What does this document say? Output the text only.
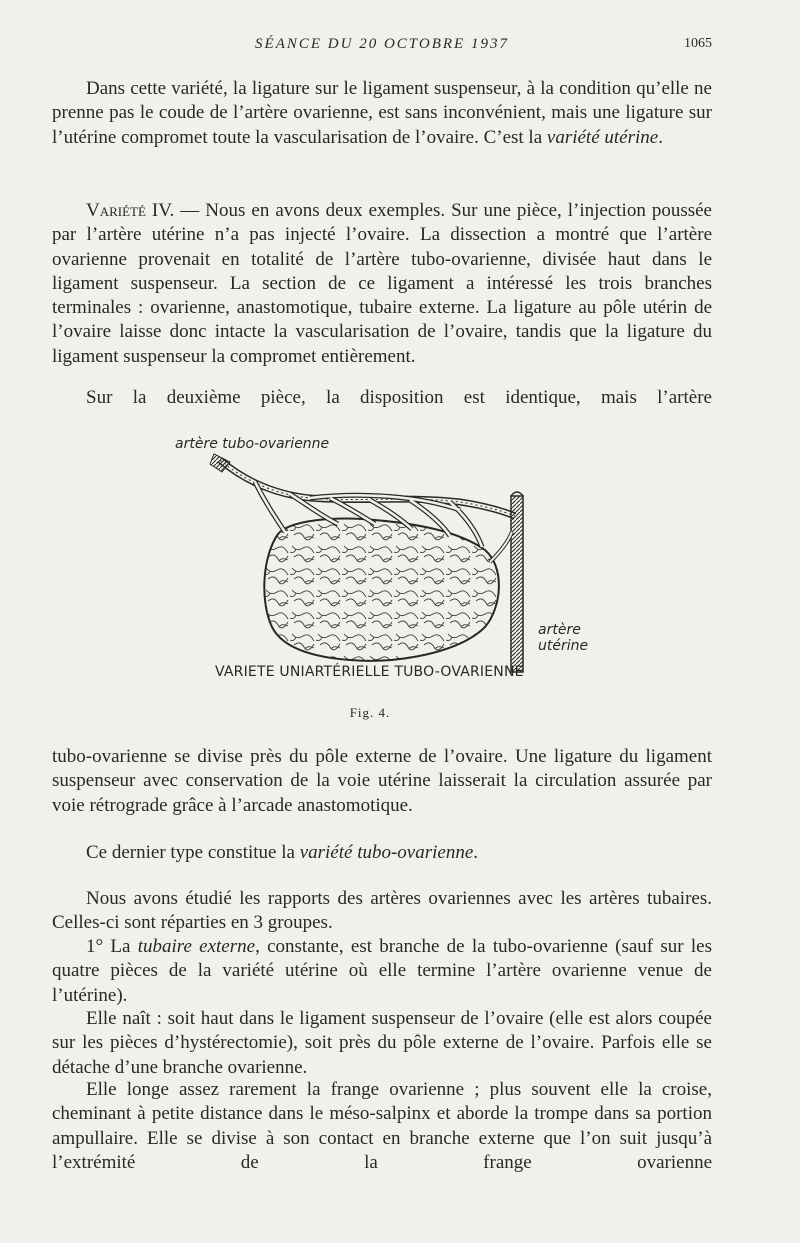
SÉANCE DU 20 OCTOBRE 1937	1065

Dans cette variété, la ligature sur le ligament suspenseur, à la condition qu’elle ne prenne pas le coude de l’artère ovarienne, est sans inconvénient, mais une ligature sur l’utérine compromet toute la vascularisation de l’ovaire. C’est la variété utérine.

Variété IV. — Nous en avons deux exemples. Sur une pièce, l’injection poussée par l’artère utérine n’a pas injecté l’ovaire. La dissection a montré que l’artère ovarienne provenait en totalité de l’artère tubo-ovarienne, divisée haut dans le ligament suspenseur. La section de ce ligament a intéressé les trois branches terminales : ovarienne, anastomotique, tubaire externe. La ligature au pôle utérin de l’ovaire laisse donc intacte la vascularisation de l’ovaire, tandis que la ligature du ligament suspenseur la compromet entièrement.

Sur la deuxième pièce, la disposition est identique, mais l’artère

artère tubo-ovarienne
artère
utérine
VARIETE UNIARTÉRIELLE TUBO-OVARIENNE
Fig. 4.

tubo-ovarienne se divise près du pôle externe de l’ovaire. Une ligature du ligament suspenseur avec conservation de la voie utérine laisserait la circulation assurée par voie rétrograde grâce à l’arcade anastomotique.

Ce dernier type constitue la variété tubo-ovarienne.

Nous avons étudié les rapports des artères ovariennes avec les artères tubaires. Celles-ci sont réparties en 3 groupes.

1° La tubaire externe, constante, est branche de la tubo-ovarienne (sauf sur les quatre pièces de la variété utérine où elle termine l’artère ovarienne venue de l’utérine).

Elle naît : soit haut dans le ligament suspenseur de l’ovaire (elle est alors coupée sur les pièces d’hystérectomie), soit près du pôle externe de l’ovaire. Parfois elle se détache d’une branche ovarienne.

Elle longe assez rarement la frange ovarienne ; plus souvent elle la croise, cheminant à petite distance dans le méso-salpinx et aborde la trompe dans sa portion ampullaire. Elle se divise à son contact en branche externe que l’on suit jusqu’à l’extrémité de la frange ovarienne
